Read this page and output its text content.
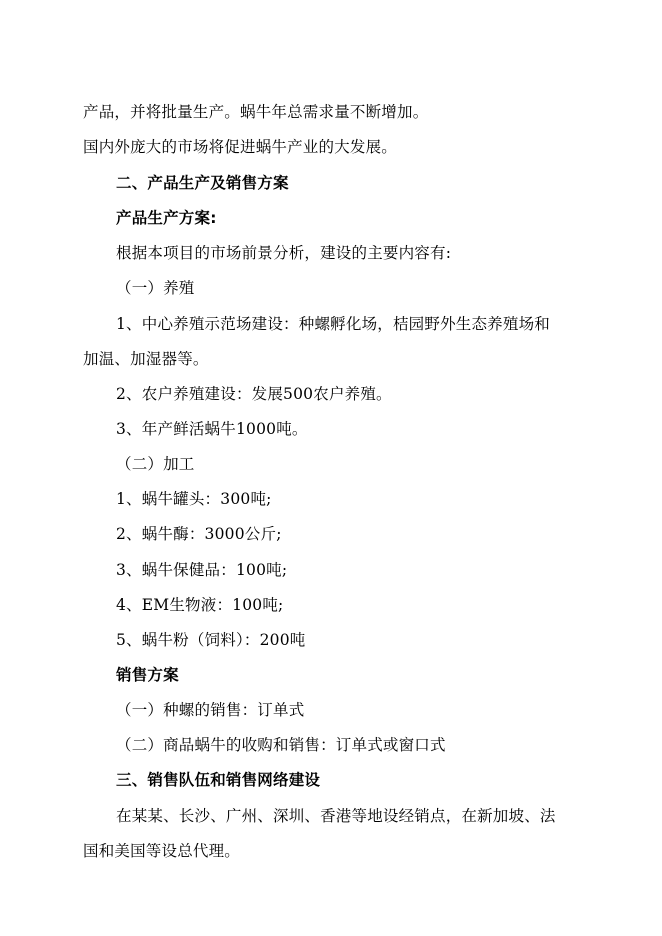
产品，并将批量生产。蜗牛年总需求量不断增加。
国内外庞大的市场将促进蜗牛产业的大发展。
二、产品生产及销售方案
产品生产方案:
根据本项目的市场前景分析，建设的主要内容有:
（一）养殖
1、中心养殖示范场建设：种螺孵化场，桔园野外生态养殖场和
加温、加湿器等。
2、农户养殖建设：发展500农户养殖。
3、年产鲜活蜗牛1000吨。
（二）加工
1、蜗牛罐头：300吨;
2、蜗牛酶：3000公斤;
3、蜗牛保健品：100吨;
4、EM生物液：100吨;
5、蜗牛粉（饲料）：200吨
销售方案
（一）种螺的销售：订单式
（二）商品蜗牛的收购和销售：订单式或窗口式
三、销售队伍和销售网络建设
在某某、长沙、广州、深圳、香港等地设经销点，在新加坡、法
国和美国等设总代理。
